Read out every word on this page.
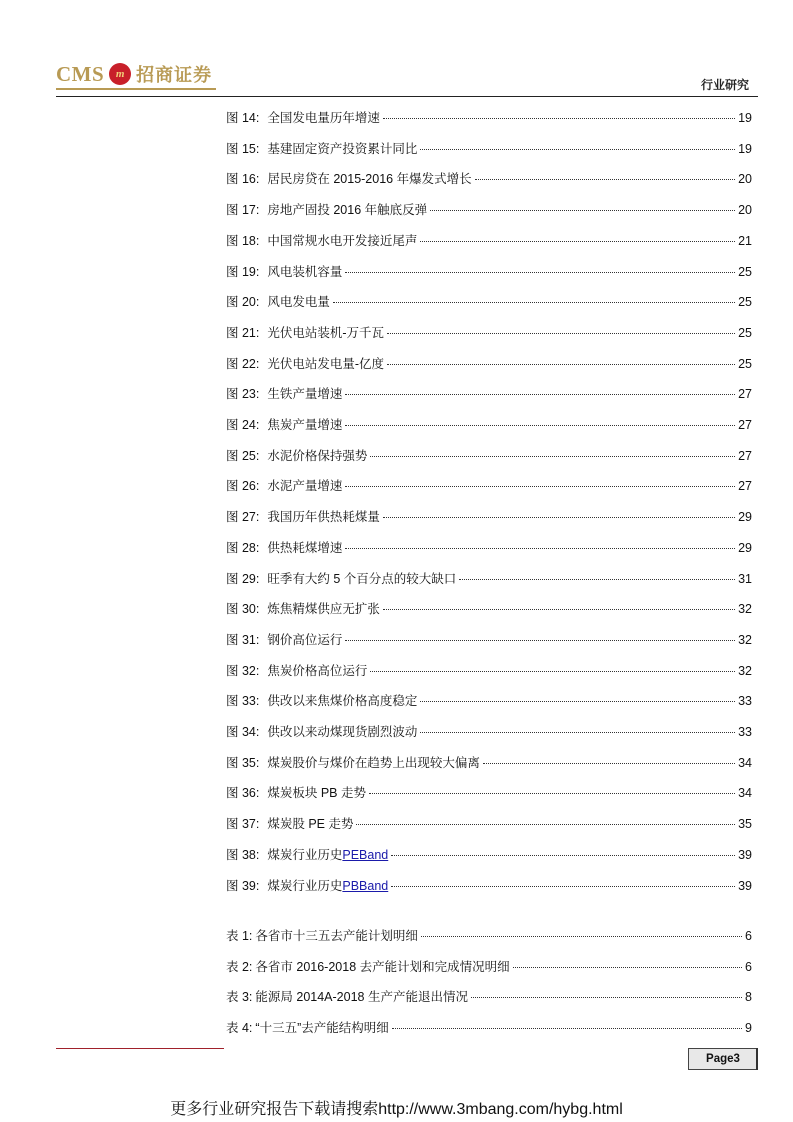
CMS m 招商证券	行业研究
图 14: 全国发电量历年增速	19
图 15: 基建固定资产投资累计同比	19
图 16: 居民房贷在 2015-2016 年爆发式增长	20
图 17: 房地产固投 2016 年触底反弹	20
图 18: 中国常规水电开发接近尾声	21
图 19: 风电装机容量	25
图 20: 风电发电量	25
图 21: 光伏电站装机-万千瓦	25
图 22: 光伏电站发电量-亿度	25
图 23: 生铁产量增速	27
图 24: 焦炭产量增速	27
图 25: 水泥价格保持强势	27
图 26: 水泥产量增速	27
图 27: 我国历年供热耗煤量	29
图 28: 供热耗煤增速	29
图 29: 旺季有大约 5 个百分点的较大缺口	31
图 30: 炼焦精煤供应无扩张	32
图 31: 钢价高位运行	32
图 32: 焦炭价格高位运行	32
图 33: 供改以来焦煤价格高度稳定	33
图 34: 供改以来动煤现货剧烈波动	33
图 35: 煤炭股价与煤价在趋势上出现较大偏离	34
图 36: 煤炭板块 PB 走势	34
图 37: 煤炭股 PE 走势	35
图 38: 煤炭行业历史PEBand	39
图 39: 煤炭行业历史PBBand	39
表 1: 各省市十三五去产能计划明细	6
表 2: 各省市 2016-2018 去产能计划和完成情况明细	6
表 3: 能源局 2014A-2018 生产产能退出情况	8
表 4: “十三五”去产能结构明细	9
Page3
更多行业研究报告下载请搜索http://www.3mbang.com/hybg.html
